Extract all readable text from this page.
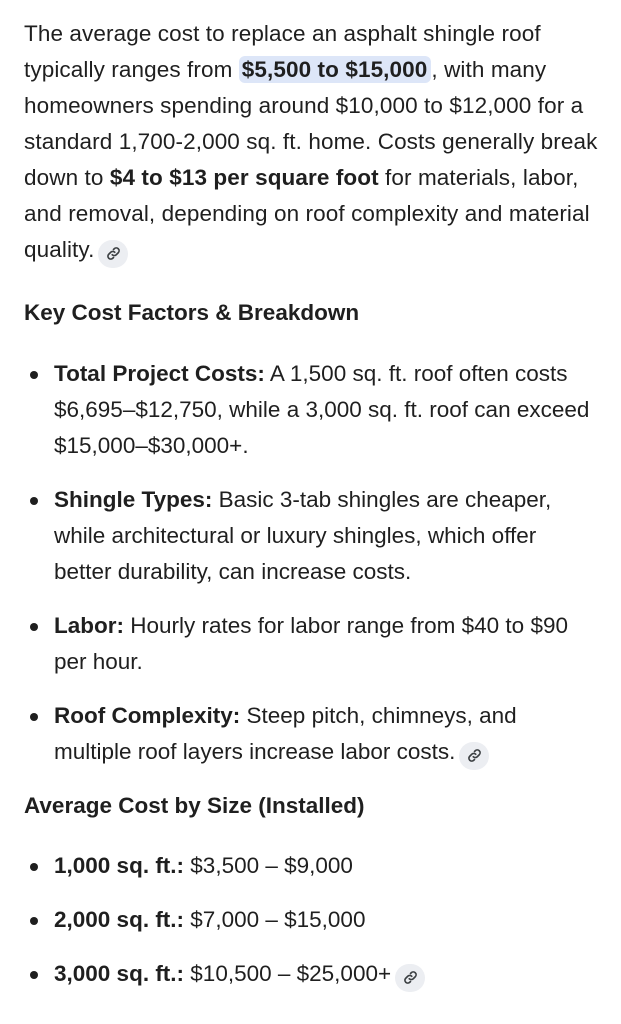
The average cost to replace an asphalt shingle roof typically ranges from $5,500 to $15,000 , with many homeowners spending around $10,000 to $12,000 for a standard 1,700-2,000 sq. ft. home. Costs generally break down to $4 to $13 per square foot for materials, labor, and removal, depending on roof complexity and material quality.

Key Cost Factors & Breakdown
Total Project Costs: A 1,500 sq. ft. roof often costs $6,695–$12,750, while a 3,000 sq. ft. roof can exceed $15,000–$30,000+.
Shingle Types: Basic 3-tab shingles are cheaper, while architectural or luxury shingles, which offer better durability, can increase costs.
Labor: Hourly rates for labor range from $40 to $90 per hour.
Roof Complexity: Steep pitch, chimneys, and multiple roof layers increase labor costs.
Average Cost by Size (Installed)
1,000 sq. ft.: $3,500 – $9,000
2,000 sq. ft.: $7,000 – $15,000
3,000 sq. ft.: $10,500 – $25,000+
